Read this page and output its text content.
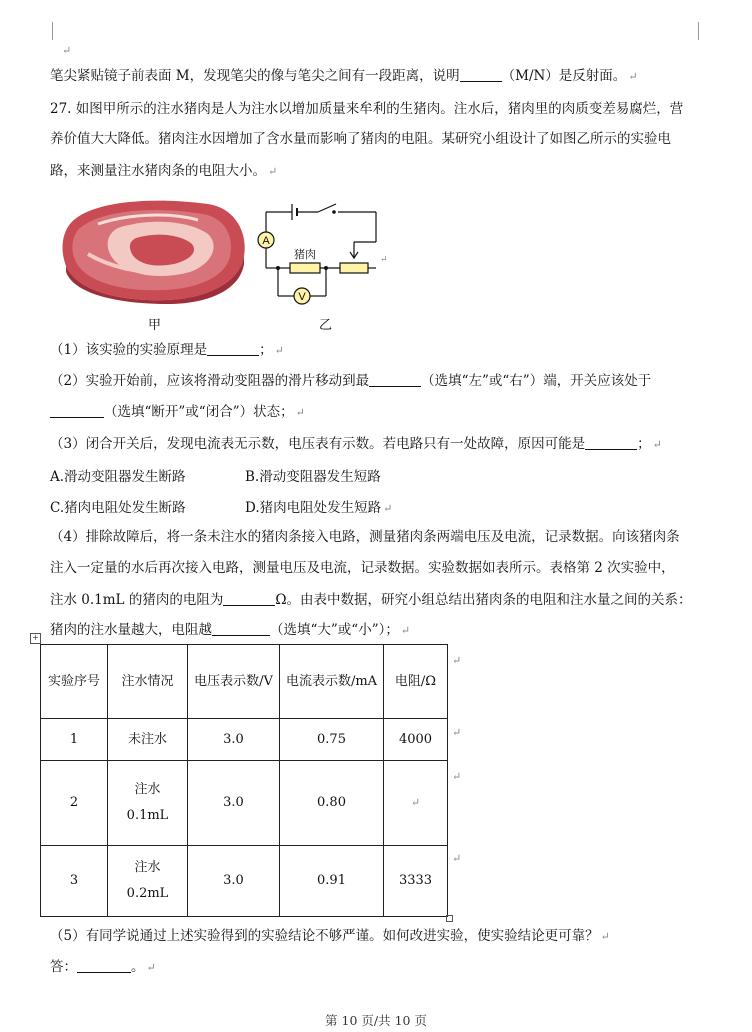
↵
笔尖紧贴镜子前表面 M，发现笔尖的像与笔尖之间有一段距离，说明	（M/N）是反射面。 ↵
27. 如图甲所示的注水猪肉是人为注水以增加质量来牟利的生猪肉。注水后，猪肉里的肉质变差易腐烂，营
养价值大大降低。猪肉注水因增加了含水量而影响了猪肉的电阻。某研究小组设计了如图乙所示的实验电
路，来测量注水猪肉条的电阻大小。 ↵
A
猪肉
V
↵
甲	乙
（1）该实验的实验原理是	； ↵
（2）实验开始前，应该将滑动变阻器的滑片移动到最	（选填“左”或“右”）端，开关应该处于
（选填“断开”或“闭合”）状态； ↵
（3）闭合开关后，发现电流表无示数，电压表有示数。若电路只有一处故障，原因可能是	； ↵
A.滑动变阻器发生断路	B.滑动变阻器发生短路
C.猪肉电阻处发生断路	D.猪肉电阻处发生短路 ↵
（4）排除故障后，将一条未注水的猪肉条接入电路，测量猪肉条两端电压及电流，记录数据。向该猪肉条
注入一定量的水后再次接入电路，测量电压及电流，记录数据。实验数据如表所示。表格第 2 次实验中，
注水 0.1mL 的猪肉的电阻为	Ω。由表中数据，研究小组总结出猪肉条的电阻和注水量之间的关系：
猪肉的注水量越大，电阻越	（选填“大”或“小”）； ↵
+
实验序号	注水情况	电压表示数/V	电流表示数/mA	电阻/Ω
1	未注水	3.0	0.75	4000
2	注水 0.1mL	3.0	0.80	↵
3	注水 0.2mL	3.0	0.91	3333
↵
↵
↵
↵
（5）有同学说通过上述实验得到的实验结论不够严谨。如何改进实验，使实验结论更可靠？ ↵
答：	。 ↵
第 10 页/共 10 页
